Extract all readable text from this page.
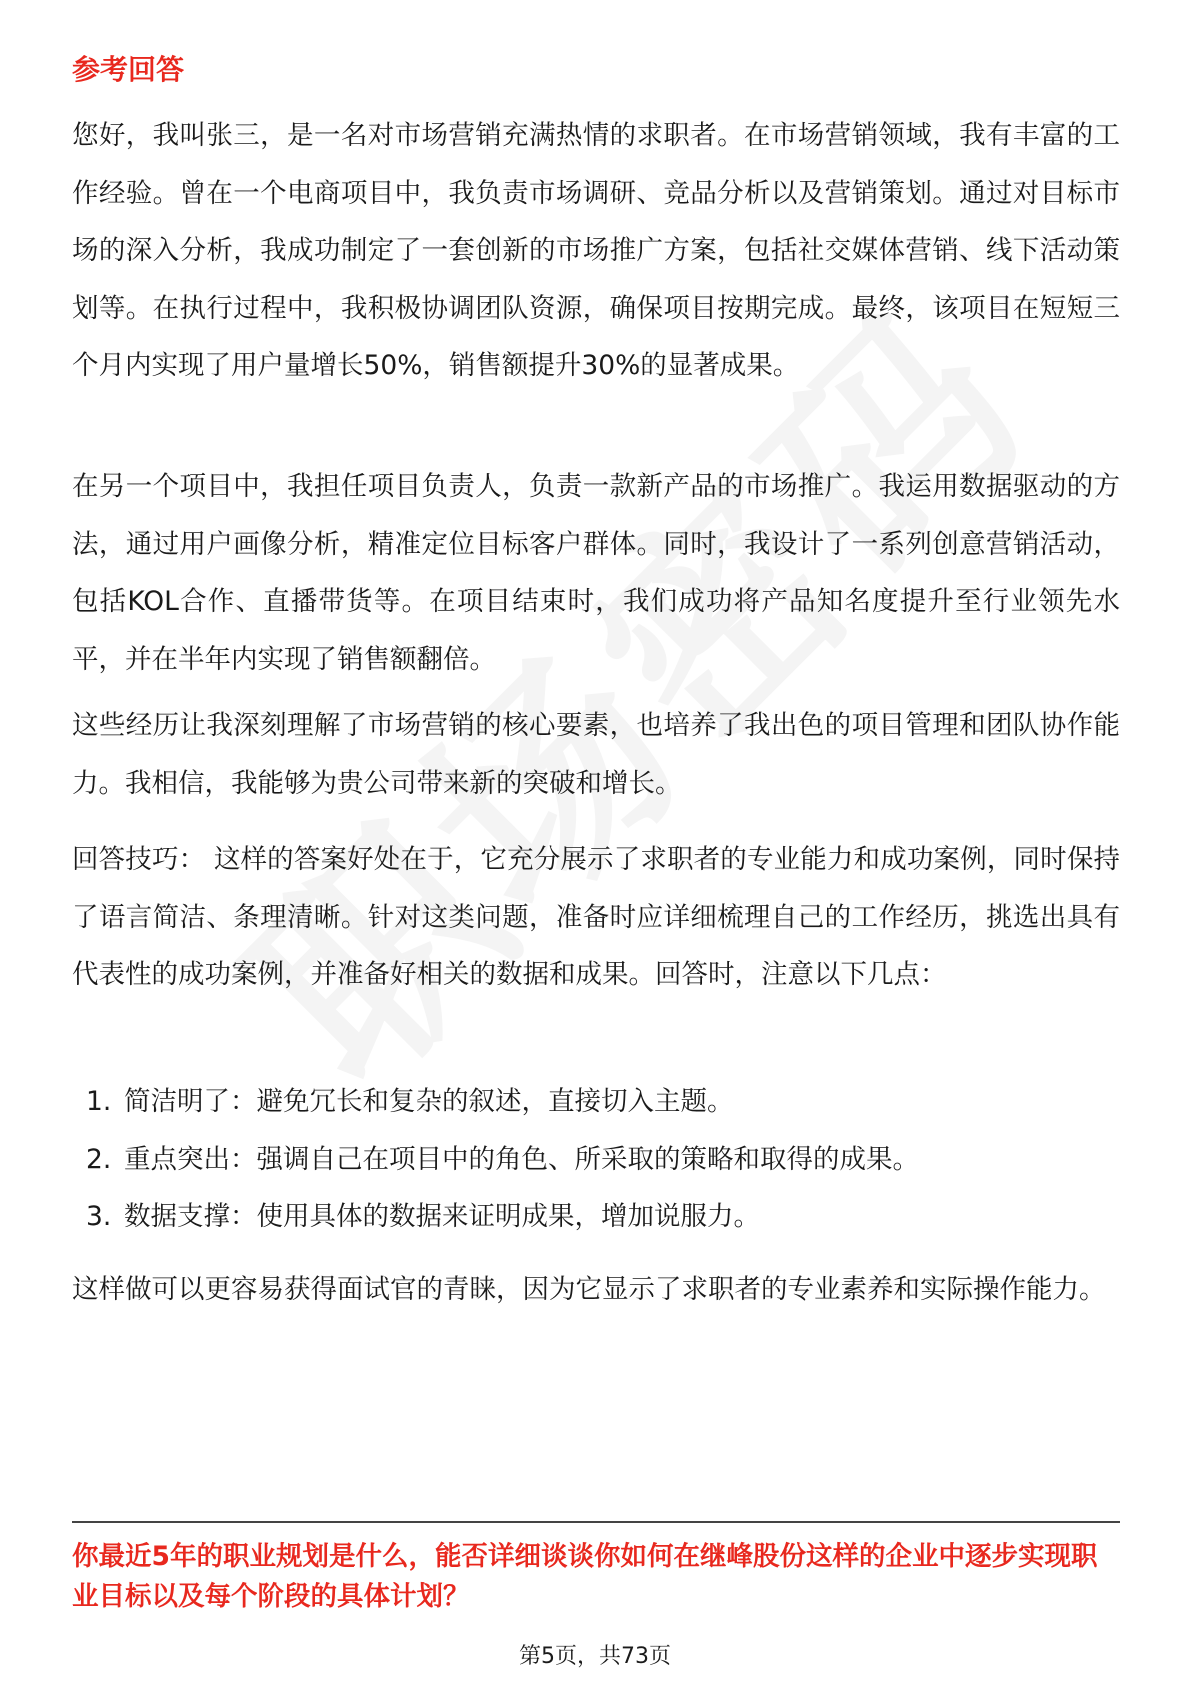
参考回答

您好，我叫张三，是一名对市场营销充满热情的求职者。在市场营销领域，我有丰富的工作经验。曾在一个电商项目中，我负责市场调研、竞品分析以及营销策划。通过对目标市场的深入分析，我成功制定了一套创新的市场推广方案，包括社交媒体营销、线下活动策划等。在执行过程中，我积极协调团队资源，确保项目按期完成。最终，该项目在短短三个月内实现了用户量增长50%，销售额提升30%的显著成果。

在另一个项目中，我担任项目负责人，负责一款新产品的市场推广。我运用数据驱动的方法，通过用户画像分析，精准定位目标客户群体。同时，我设计了一系列创意营销活动，包括KOL合作、直播带货等。在项目结束时，我们成功将产品知名度提升至行业领先水平，并在半年内实现了销售额翻倍。

这些经历让我深刻理解了市场营销的核心要素，也培养了我出色的项目管理和团队协作能力。我相信，我能够为贵公司带来新的突破和增长。

回答技巧： 这样的答案好处在于，它充分展示了求职者的专业能力和成功案例，同时保持了语言简洁、条理清晰。针对这类问题，准备时应详细梳理自己的工作经历，挑选出具有代表性的成功案例，并准备好相关的数据和成果。回答时，注意以下几点：

1. 简洁明了：避免冗长和复杂的叙述，直接切入主题。
2. 重点突出：强调自己在项目中的角色、所采取的策略和取得的成果。
3. 数据支撑：使用具体的数据来证明成果，增加说服力。

这样做可以更容易获得面试官的青睐，因为它显示了求职者的专业素养和实际操作能力。

你最近5年的职业规划是什么，能否详细谈谈你如何在继峰股份这样的企业中逐步实现职业目标以及每个阶段的具体计划？

第5页，共73页
